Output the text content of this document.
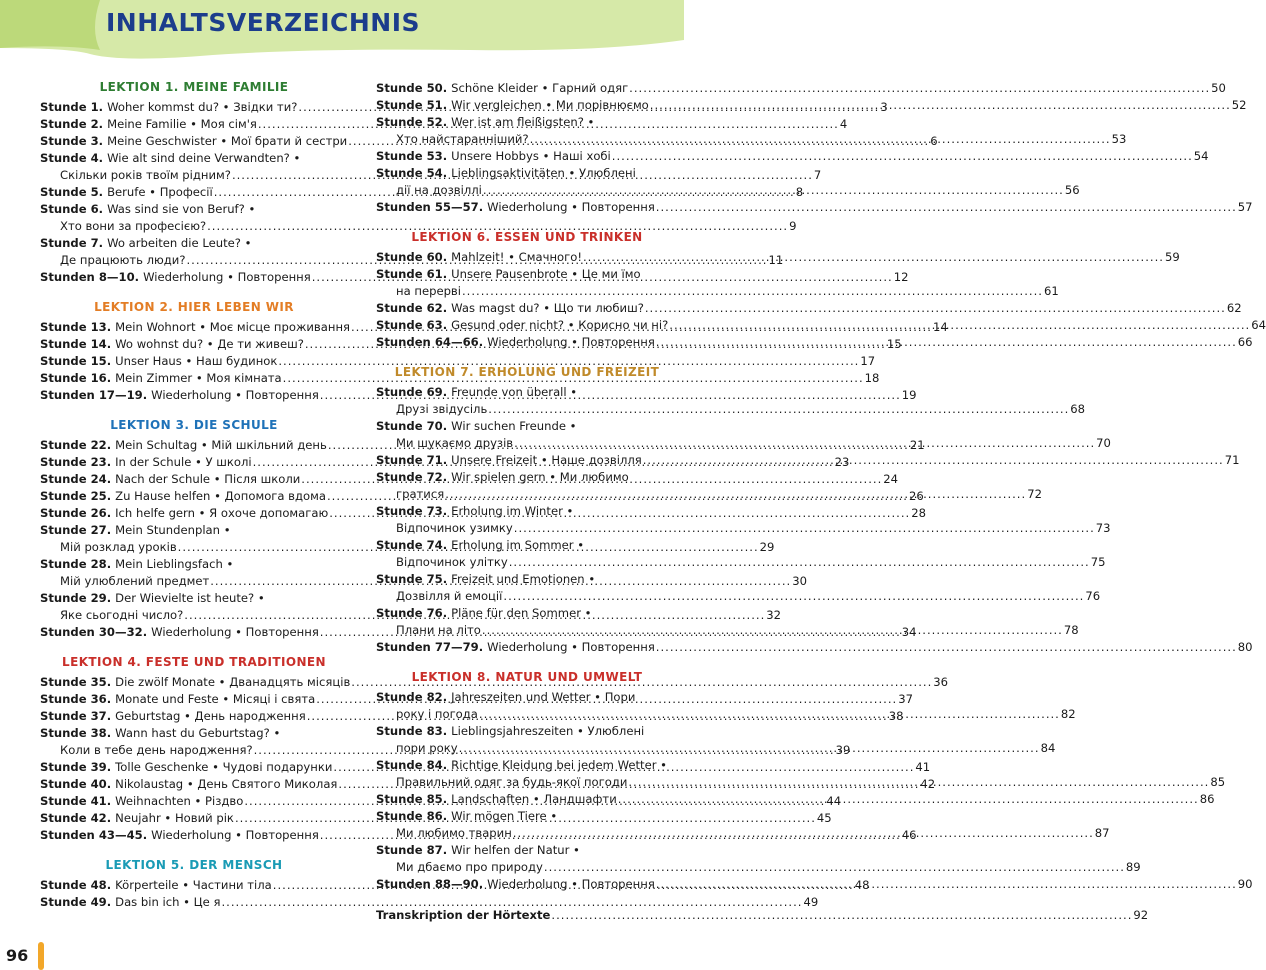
INHALTSVERZEICHNIS
LEKTION 1. MEINE FAMILIE
Stunde 1. Woher kommst du? • Звідки ти? .....	3
Stunde 2. Meine Familie • Моя сім'я .....	4
Stunde 3. Meine Geschwister • Мої брати й сестри .....	6
Stunde 4. Wie alt sind deine Verwandten? •
Скільки років твоїм рідним? .....	7
Stunde 5. Berufe • Професії .....	8
Stunde 6. Was sind sie von Beruf? •
Хто вони за професією? .....	9
Stunde 7. Wo arbeiten die Leute? •
Де працюють люди? .....	11
Stunden 8—10. Wiederholung • Повторення .....	12
LEKTION 2. HIER LEBEN WIR
Stunde 13. Mein Wohnort • Моє місце проживання .....	14
Stunde 14. Wo wohnst du? • Де ти живеш? .....	15
Stunde 15. Unser Haus • Наш будинок .....	17
Stunde 16. Mein Zimmer • Моя кімната .....	18
Stunden 17—19. Wiederholung • Повторення .....	19
LEKTION 3. DIE SCHULE
Stunde 22. Mein Schultag • Мій шкільний день .....	21
Stunde 23. In der Schule • У школі .....	23
Stunde 24. Nach der Schule • Після школи .....	24
Stunde 25. Zu Hause helfen • Допомога вдома .....	26
Stunde 26. Ich helfe gern • Я охоче допомагаю .....	28
Stunde 27. Mein Stundenplan •
Мій розклад уроків .....	29
Stunde 28. Mein Lieblingsfach •
Мій улюблений предмет .....	30
Stunde 29. Der Wievielte ist heute? •
Яке сьогодні число? .....	32
Stunden 30—32. Wiederholung • Повторення .....	34
LEKTION 4. FESTE UND TRADITIONEN
Stunde 35. Die zwölf Monate • Дванадцять місяців .....	36
Stunde 36. Monate und Feste • Місяці і свята .....	37
Stunde 37. Geburtstag • День народження .....	38
Stunde 38. Wann hast du Geburtstag? •
Коли в тебе день народження? .....	39
Stunde 39. Tolle Geschenke • Чудові подарунки .....	41
Stunde 40. Nikolaustag • День Святого Миколая .....	42
Stunde 41. Weihnachten • Різдво .....	44
Stunde 42. Neujahr • Новий рік .....	45
Stunden 43—45. Wiederholung • Повторення .....	46
LEKTION 5. DER MENSCH
Stunde 48. Körperteile • Частини тіла .....	48
Stunde 49. Das bin ich • Це я .....	49
Stunde 50. Schöne Kleider • Гарний одяг .....	50
Stunde 51. Wir vergleichen • Ми порівнюємо .....	52
Stunde 52. Wer ist am fleißigsten? •
Хто найстаранніший? .....	53
Stunde 53. Unsere Hobbys • Наші хобі .....	54
Stunde 54. Lieblingsaktivitäten • Улюблені
дії на дозвіллі .....	56
Stunden 55—57. Wiederholung • Повторення .....	57
LEKTION 6. ESSEN UND TRINKEN
Stunde 60. Mahlzeit! • Смачного! .....	59
Stunde 61. Unsere Pausenbrote • Це ми їмо
на перерві .....	61
Stunde 62. Was magst du? • Що ти любиш? .....	62
Stunde 63. Gesund oder nicht? • Корисно чи ні? .....	64
Stunden 64—66. Wiederholung • Повторення .....	66
LEKTION 7. ERHOLUNG UND FREIZEIT
Stunde 69. Freunde von überall •
Друзі звідусіль .....	68
Stunde 70. Wir suchen Freunde •
Ми шукаємо друзів .....	70
Stunde 71. Unsere Freizeit • Наше дозвілля .....	71
Stunde 72. Wir spielen gern • Ми любимо
гратися .....	72
Stunde 73. Erholung im Winter •
Відпочинок узимку .....	73
Stunde 74. Erholung im Sommer •
Відпочинок улітку .....	75
Stunde 75. Freizeit und Emotionen •
Дозвілля й емоції .....	76
Stunde 76. Pläne für den Sommer •
Плани на літо .....	78
Stunden 77—79. Wiederholung • Повторення .....	80
LEKTION 8. NATUR UND UMWELT
Stunde 82. Jahreszeiten und Wetter • Пори
року і погода .....	82
Stunde 83. Lieblingsjahreszeiten • Улюблені
пори року .....	84
Stunde 84. Richtige Kleidung bei jedem Wetter •
Правильний одяг за будь-якої погоди .....	85
Stunde 85. Landschaften • Ландшафти .....	86
Stunde 86. Wir mögen Tiere •
Ми любимо тварин .....	87
Stunde 87. Wir helfen der Natur •
Ми дбаємо про природу .....	89
Stunden 88—90. Wiederholung • Повторення .....	90
Transkription der Hörtexte .....	92
96
